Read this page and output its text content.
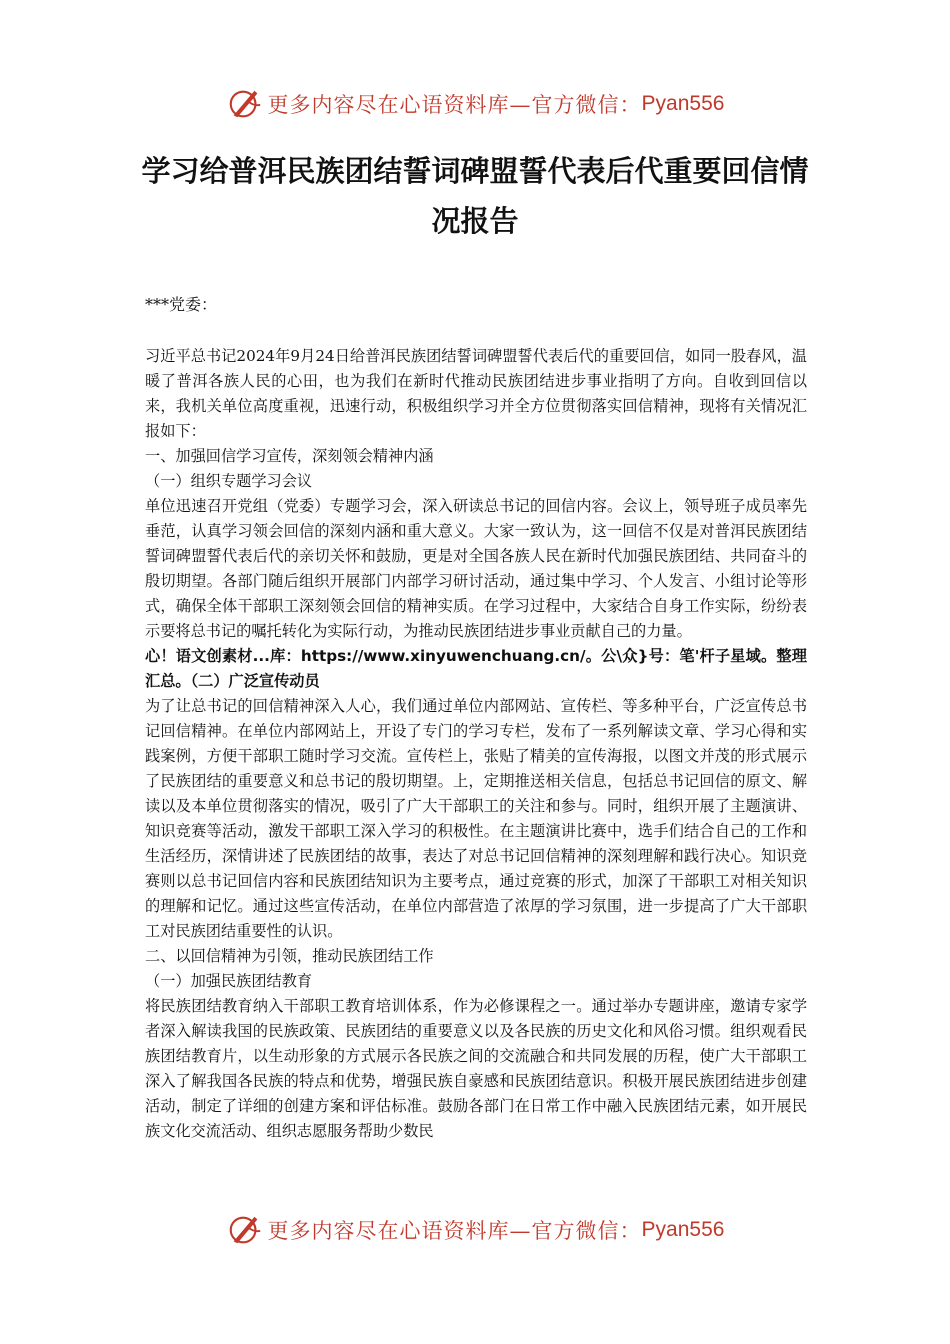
更多内容尽在心语资料库—官方微信： Pyan556
学习给普洱民族团结誓词碑盟誓代表后代重要回信情况报告
***党委：

习近平总书记2024年9月24日给普洱民族团结誓词碑盟誓代表后代的重要回信，如同一股春风，温暖了普洱各族人民的心田，也为我们在新时代推动民族团结进步事业指明了方向。自收到回信以来，我机关单位高度重视，迅速行动，积极组织学习并全方位贯彻落实回信精神，现将有关情况汇报如下：

一、加强回信学习宣传，深刻领会精神内涵

（一）组织专题学习会议

单位迅速召开党组（党委）专题学习会，深入研读总书记的回信内容。会议上，领导班子成员率先垂范，认真学习领会回信的深刻内涵和重大意义。大家一致认为，这一回信不仅是对普洱民族团结誓词碑盟誓代表后代的亲切关怀和鼓励，更是对全国各族人民在新时代加强民族团结、共同奋斗的殷切期望。各部门随后组织开展部门内部学习研讨活动，通过集中学习、个人发言、小组讨论等形式，确保全体干部职工深刻领会回信的精神实质。在学习过程中，大家结合自身工作实际，纷纷表示要将总书记的嘱托转化为实际行动，为推动民族团结进步事业贡献自己的力量。

心！语文创素材...库：https://www.xinyuwenchuang.cn/。公\众}号：笔'杆子星域。整理汇总。（二）广泛宣传动员

为了让总书记的回信精神深入人心，我们通过单位内部网站、宣传栏、等多种平台，广泛宣传总书记回信精神。在单位内部网站上，开设了专门的学习专栏，发布了一系列解读文章、学习心得和实践案例，方便干部职工随时学习交流。宣传栏上，张贴了精美的宣传海报，以图文并茂的形式展示了民族团结的重要意义和总书记的殷切期望。上，定期推送相关信息，包括总书记回信的原文、解读以及本单位贯彻落实的情况，吸引了广大干部职工的关注和参与。同时，组织开展了主题演讲、知识竞赛等活动，激发干部职工深入学习的积极性。在主题演讲比赛中，选手们结合自己的工作和生活经历，深情讲述了民族团结的故事，表达了对总书记回信精神的深刻理解和践行决心。知识竞赛则以总书记回信内容和民族团结知识为主要考点，通过竞赛的形式，加深了干部职工对相关知识的理解和记忆。通过这些宣传活动，在单位内部营造了浓厚的学习氛围，进一步提高了广大干部职工对民族团结重要性的认识。

二、以回信精神为引领，推动民族团结工作

（一）加强民族团结教育

将民族团结教育纳入干部职工教育培训体系，作为必修课程之一。通过举办专题讲座，邀请专家学者深入解读我国的民族政策、民族团结的重要意义以及各民族的历史文化和风俗习惯。组织观看民族团结教育片，以生动形象的方式展示各民族之间的交流融合和共同发展的历程，使广大干部职工深入了解我国各民族的特点和优势，增强民族自豪感和民族团结意识。积极开展民族团结进步创建活动，制定了详细的创建方案和评估标准。鼓励各部门在日常工作中融入民族团结元素，如开展民族文化交流活动、组织志愿服务帮助少数民

更多内容尽在心语资料库—官方微信： Pyan556
